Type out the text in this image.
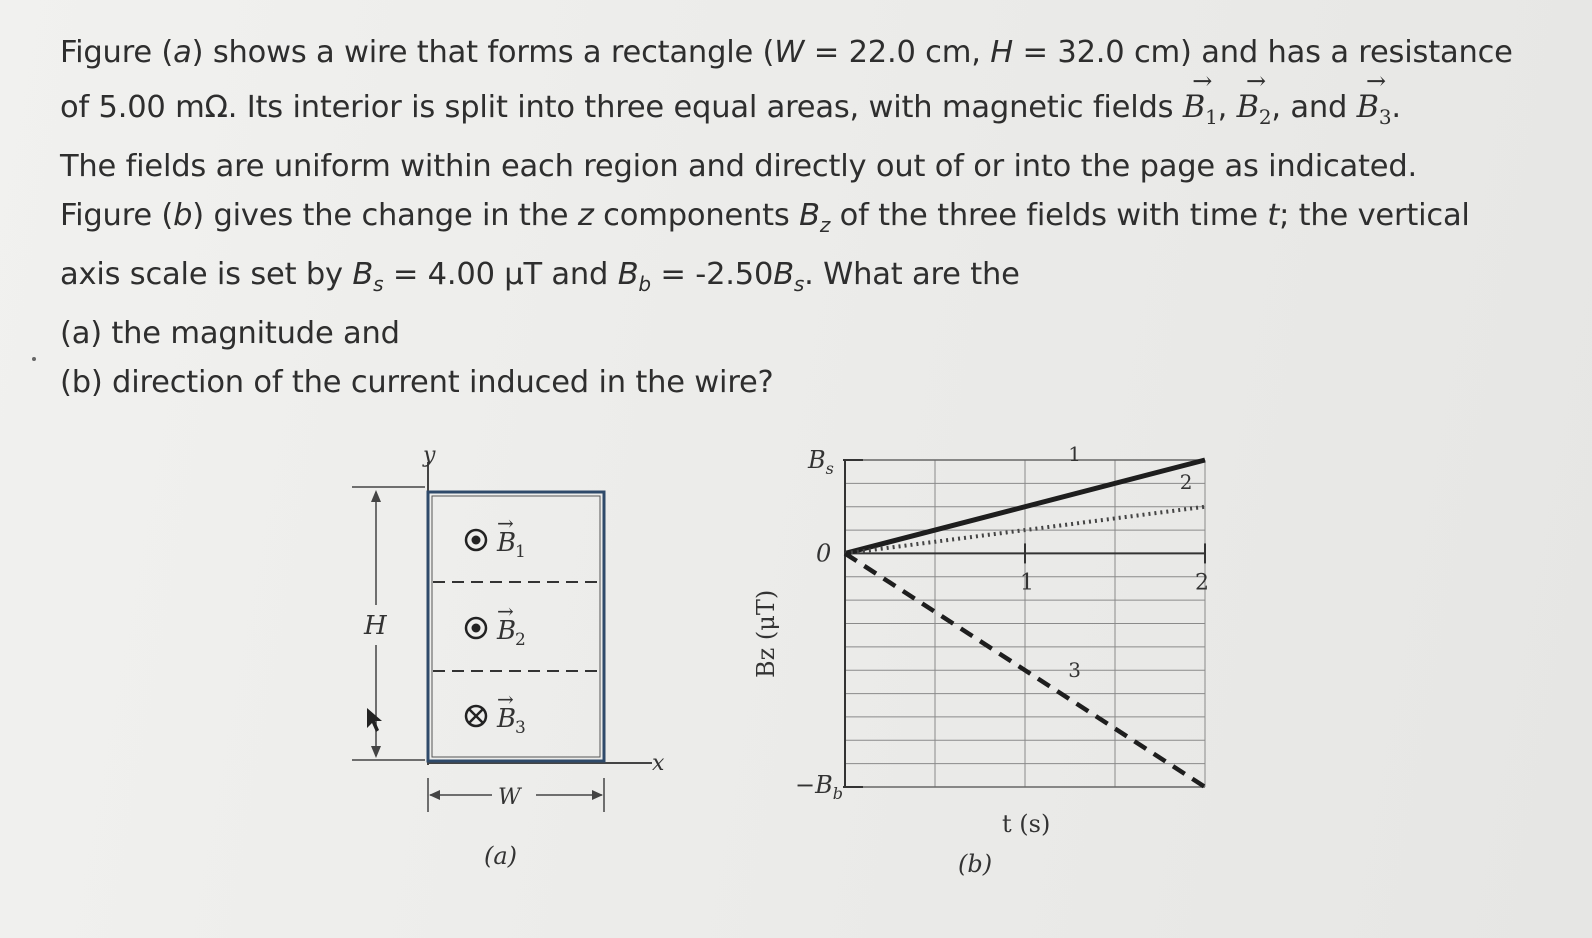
Figure (a) shows a wire that forms a rectangle (W = 22.0 cm, H = 32.0 cm) and has a resistance

of 5.00 mΩ. Its interior is split into three equal areas, with magnetic fields
→
$B_1$,
→
$B_2$, and
→
$B_3$.

The fields are uniform within each region and directly out of or into the page as indicated.

Figure (b) gives the change in the z components $B_z$ of the three fields with time t; the vertical

axis scale is set by $B_s = 4.00$ μT and $B_b = -2.50B_s$. What are the

(a) the magnitude and

(b) direction of the current induced in the wire?

y
x
H
W
B
→
1
B
→
2
B
→
3
(a)
1
2
3
1	2
$B_s$
0
$-B_b$
t (s)
Bz (μT)
(b)
